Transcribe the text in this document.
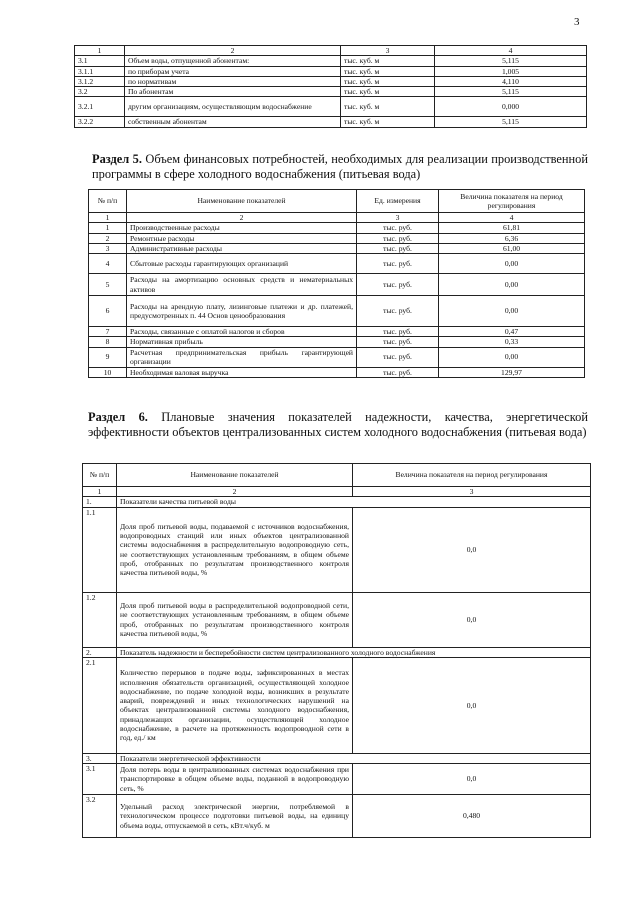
3
1	2	3	4
3.1	Объем воды, отпущенной абонентам:	тыс. куб. м	5,115
3.1.1	по приборам учета	тыс. куб. м	1,005
3.1.2	по нормативам	тыс. куб. м	4,110
3.2	По абонентам	тыс. куб. м	5,115
3.2.1	другим организациям, осуществляющим водоснабжение	тыс. куб. м	0,000
3.2.2	собственным абонентам	тыс. куб. м	5,115
Раздел 5. Объем финансовых потребностей, необходимых для реализации производственной программы в сфере холодного водоснабжения (питьевая вода)
№ п/п	Наименование показателей	Ед. измерения	Величина показателя на период регулирования
1	2	3	4
1	Производственные расходы	тыс. руб.	61,81
2	Ремонтные расходы	тыс. руб.	6,36
3	Административные расходы	тыс. руб.	61,00
4	Сбытовые расходы гарантирующих организаций	тыс. руб.	0,00
5	Расходы на амортизацию основных средств и нематериальных активов	тыс. руб.	0,00
6	Расходы на арендную плату, лизинговые платежи и др. платежей, предусмотренных п. 44 Основ ценообразования	тыс. руб.	0,00
7	Расходы, связанные с оплатой налогов и сборов	тыс. руб.	0,47
8	Нормативная прибыль	тыс. руб.	0,33
9	Расчетная предпринимательская прибыль гарантирующей организации	тыс. руб.	0,00
10	Необходимая валовая выручка	тыс. руб.	129,97
Раздел 6. Плановые значения показателей надежности, качества, энергетической эффективности объектов централизованных систем холодного водоснабжения (питьевая вода)
№ п/п	Наименование показателей	Величина показателя на период регулирования
1	2	3
1.	Показатели качества питьевой воды	
1.1	Доля проб питьевой воды, подаваемой с источников водоснабжения, водопроводных станций или иных объектов централизованной системы водоснабжения в распределительную водопроводную сеть, не соответствующих установленным требованиям, в общем объеме проб, отобранных по результатам производственного контроля качества питьевой воды, %	0,0
1.2	Доля проб питьевой воды в распределительной водопроводной сети, не соответствующих установленным требованиям, в общем объеме проб, отобранных по результатам производственного контроля качества питьевой воды, %	0,0
2.	Показатель надежности и бесперебойности систем централизованного холодного водоснабжения	
2.1	Количество перерывов в подаче воды, зафиксированных в местах исполнения обязательств организацией, осуществляющей холодное водоснабжение, по подаче холодной воды, возникших в результате аварий, повреждений и иных технологических нарушений на объектах централизованной системы холодного водоснабжения, принадлежащих организации, осуществляющей холодное водоснабжение, в расчете на протяженность водопроводной сети в год, ед./ км	0,0
3.	Показатели энергетической эффективности	
3.1	Доля потерь воды в централизованных системах водоснабжения при транспортировке в общем объеме воды, поданной в водопроводную сеть, %	0,0
3.2	Удельный расход электрической энергии, потребляемой в технологическом процессе подготовки питьевой воды, на единицу объема воды, отпускаемой в сеть, кВт.ч/куб. м	0,480
